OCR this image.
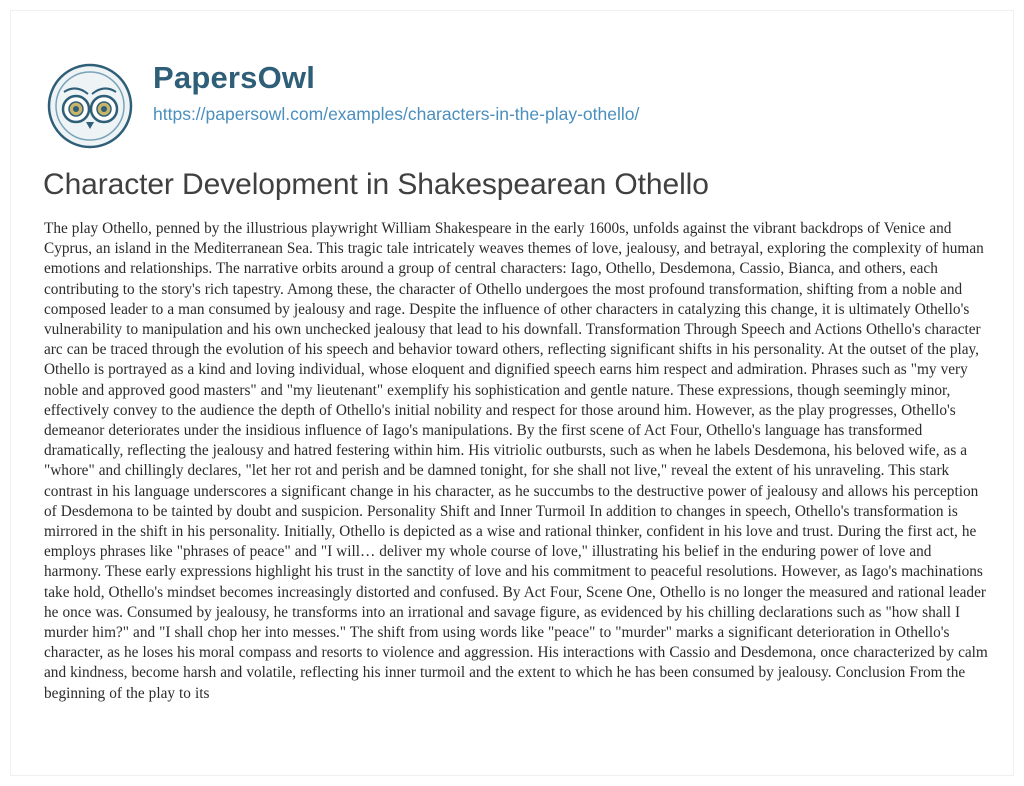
PapersOwl
https://papersowl.com/examples/characters-in-the-play-othello/
Character Development in Shakespearean Othello

The play Othello, penned by the illustrious playwright William Shakespeare in the early 1600s, unfolds against the vibrant backdrops of Venice and Cyprus, an island in the Mediterranean Sea. This tragic tale intricately weaves themes of love, jealousy, and betrayal, exploring the complexity of human emotions and relationships. The narrative orbits around a group of central characters: Iago, Othello, Desdemona, Cassio, Bianca, and others, each contributing to the story's rich tapestry. Among these, the character of Othello undergoes the most profound transformation, shifting from a noble and composed leader to a man consumed by jealousy and rage. Despite the influence of other characters in catalyzing this change, it is ultimately Othello's vulnerability to manipulation and his own unchecked jealousy that lead to his downfall. Transformation Through Speech and Actions Othello's character arc can be traced through the evolution of his speech and behavior toward others, reflecting significant shifts in his personality. At the outset of the play, Othello is portrayed as a kind and loving individual, whose eloquent and dignified speech earns him respect and admiration. Phrases such as "my very noble and approved good masters" and "my lieutenant" exemplify his sophistication and gentle nature. These expressions, though seemingly minor, effectively convey to the audience the depth of Othello's initial nobility and respect for those around him. However, as the play progresses, Othello's demeanor deteriorates under the insidious influence of Iago's manipulations. By the first scene of Act Four, Othello's language has transformed dramatically, reflecting the jealousy and hatred festering within him. His vitriolic outbursts, such as when he labels Desdemona, his beloved wife, as a "whore" and chillingly declares, "let her rot and perish and be damned tonight, for she shall not live," reveal the extent of his unraveling. This stark contrast in his language underscores a significant change in his character, as he succumbs to the destructive power of jealousy and allows his perception of Desdemona to be tainted by doubt and suspicion. Personality Shift and Inner Turmoil In addition to changes in speech, Othello's transformation is mirrored in the shift in his personality. Initially, Othello is depicted as a wise and rational thinker, confident in his love and trust. During the first act, he employs phrases like "phrases of peace" and "I will… deliver my whole course of love," illustrating his belief in the enduring power of love and harmony. These early expressions highlight his trust in the sanctity of love and his commitment to peaceful resolutions. However, as Iago's machinations take hold, Othello's mindset becomes increasingly distorted and confused. By Act Four, Scene One, Othello is no longer the measured and rational leader he once was. Consumed by jealousy, he transforms into an irrational and savage figure, as evidenced by his chilling declarations such as "how shall I murder him?" and "I shall chop her into messes." The shift from using words like "peace" to "murder" marks a significant deterioration in Othello's character, as he loses his moral compass and resorts to violence and aggression. His interactions with Cassio and Desdemona, once characterized by calm and kindness, become harsh and volatile, reflecting his inner turmoil and the extent to which he has been consumed by jealousy. Conclusion From the beginning of the play to its
